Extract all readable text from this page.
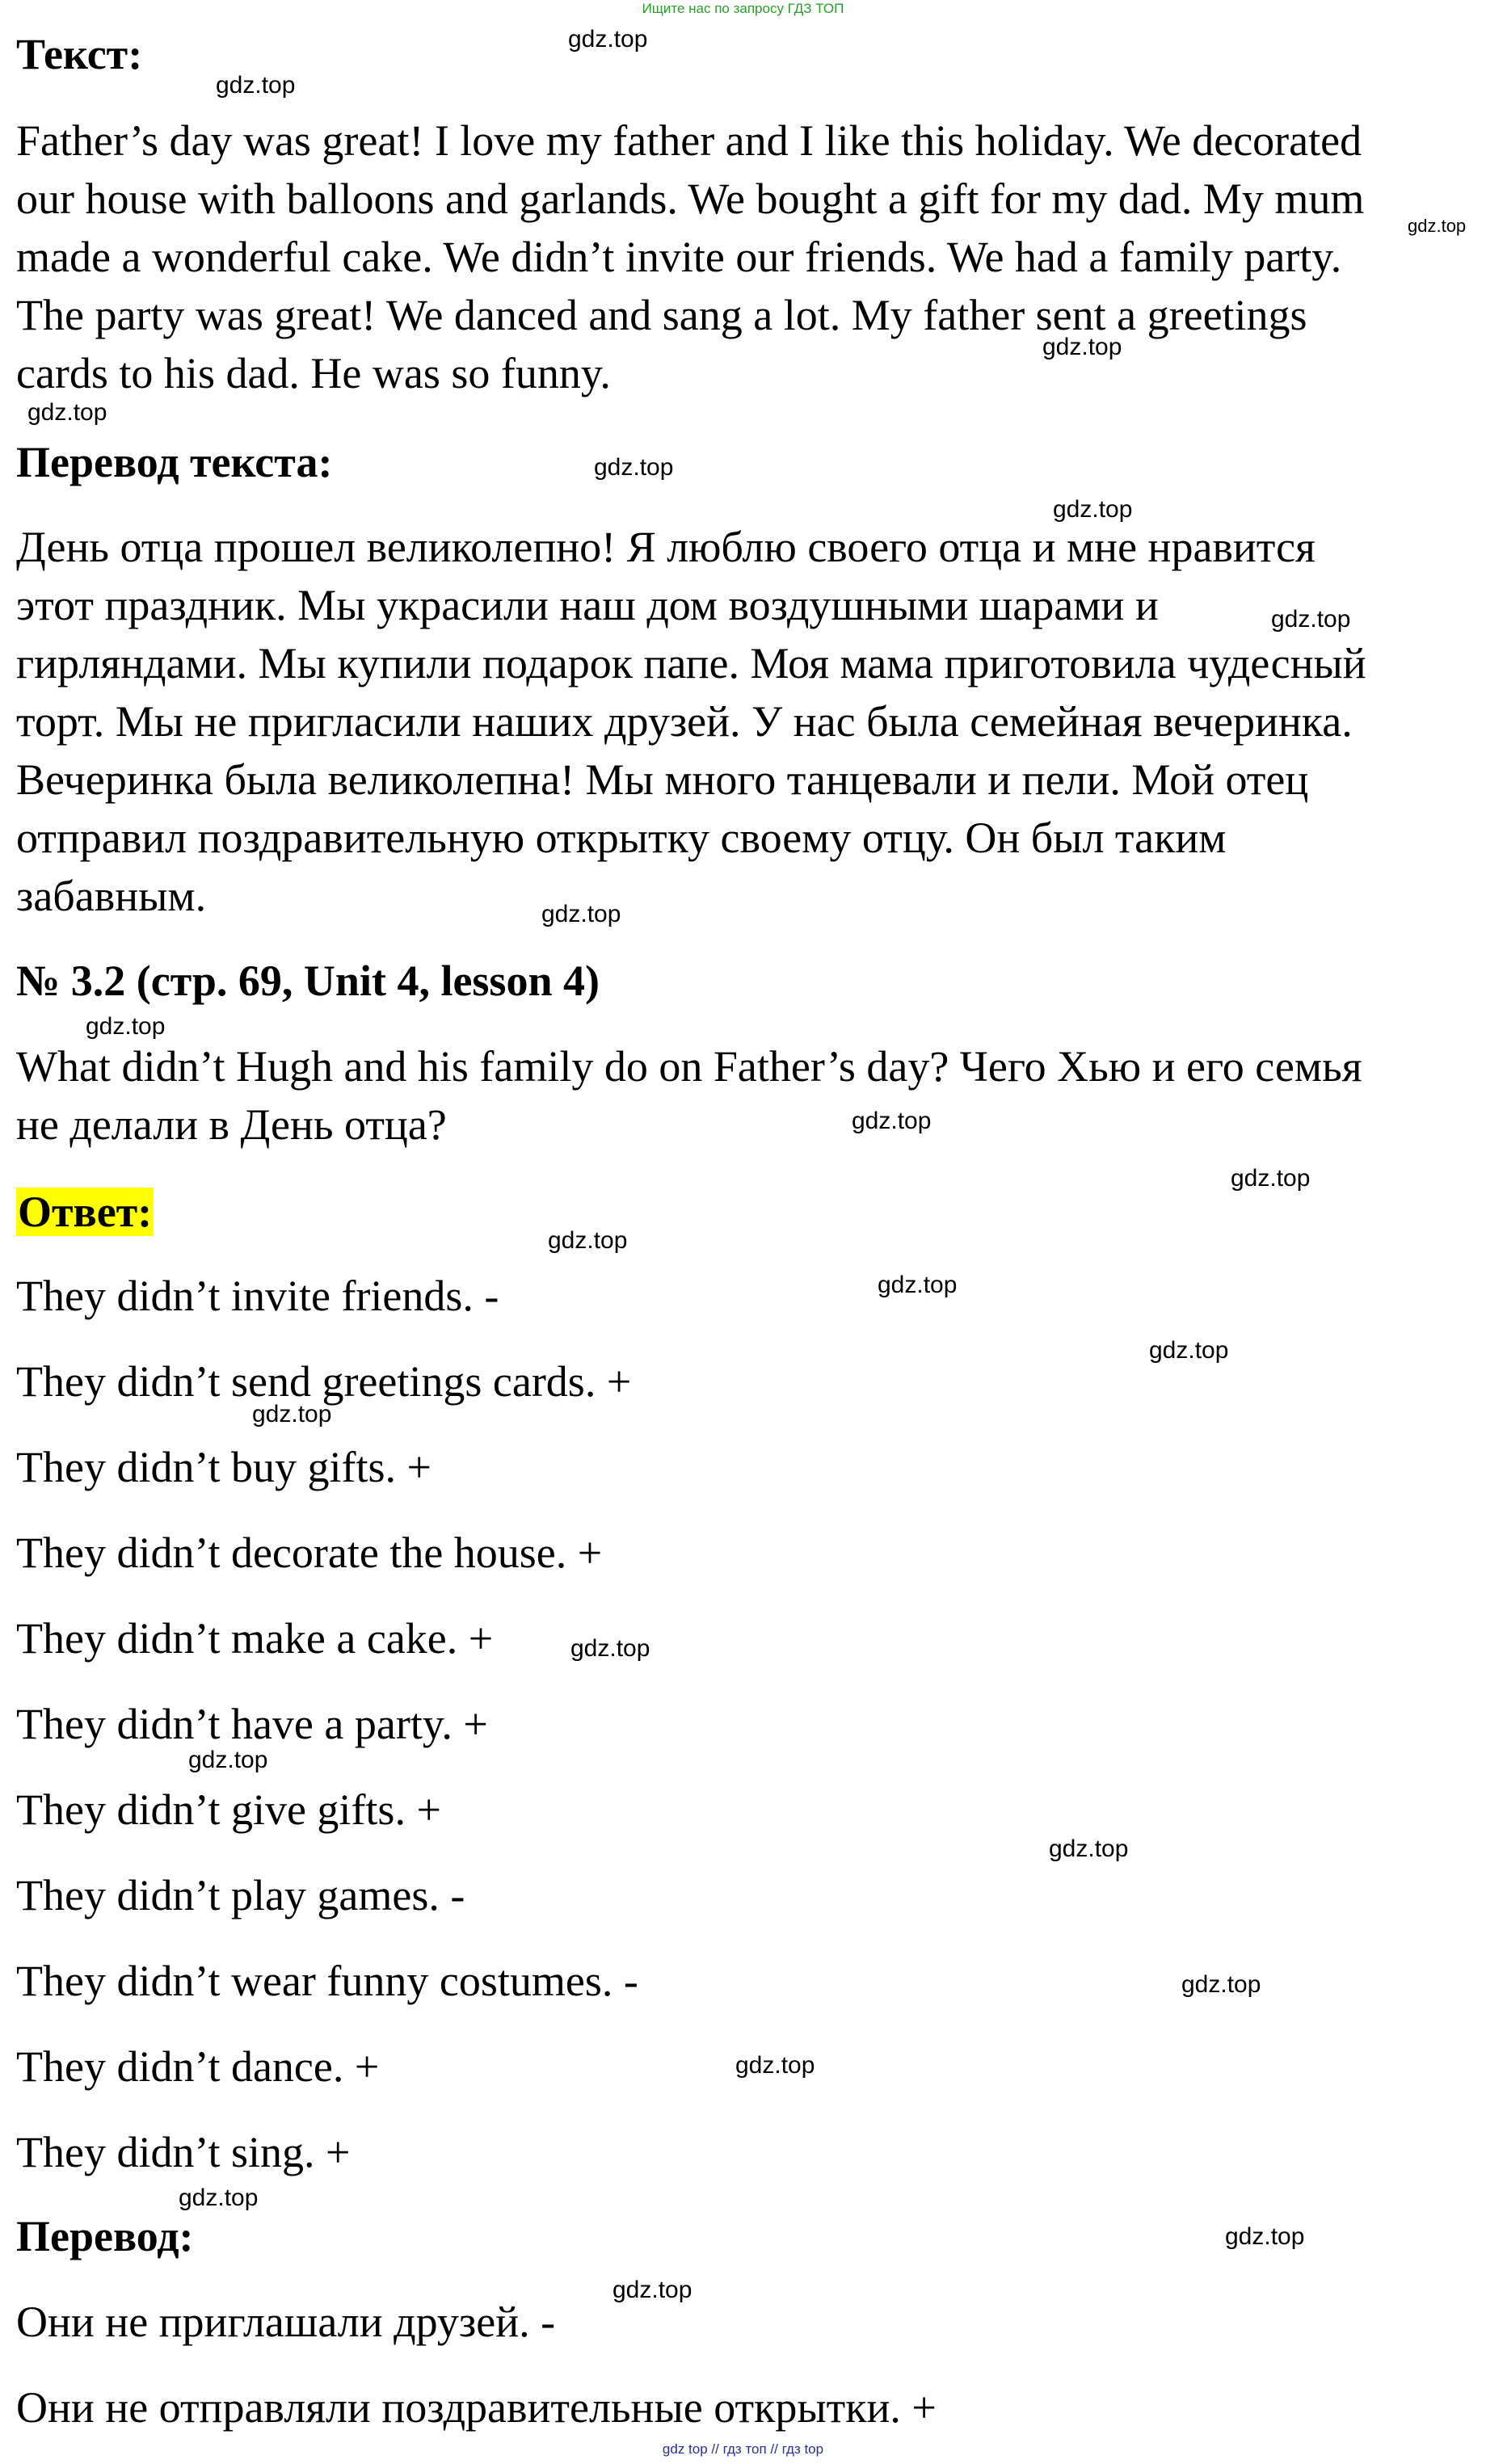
Ищите нас по запросу ГДЗ ТОП
Текст:
Father’s day was great! I love my father and I like this holiday. We decorated
our house with balloons and garlands. We bought a gift for my dad. My mum
made a wonderful cake. We didn’t invite our friends. We had a family party.
The party was great! We danced and sang a lot. My father sent a greetings
cards to his dad. He was so funny.
Перевод текста:
День отца прошел великолепно! Я люблю своего отца и мне нравится
этот праздник. Мы украсили наш дом воздушными шарами и
гирляндами. Мы купили подарок папе. Моя мама приготовила чудесный
торт. Мы не пригласили наших друзей. У нас была семейная вечеринка.
Вечеринка была великолепна! Мы много танцевали и пели. Мой отец
отправил поздравительную открытку своему отцу. Он был таким
забавным.
№ 3.2 (стр. 69, Unit 4, lesson 4)
What didn’t Hugh and his family do on Father’s day? Чего Хью и его семья
не делали в День отца?
Ответ:
They didn’t invite friends. -
They didn’t send greetings cards. +
They didn’t buy gifts. +
They didn’t decorate the house. +
They didn’t make a cake. +
They didn’t have a party. +
They didn’t give gifts. +
They didn’t play games. -
They didn’t wear funny costumes. -
They didn’t dance. +
They didn’t sing. +
Перевод:
Они не приглашали друзей. -
Они не отправляли поздравительные открытки. +
gdz.top
gdz.top
gdz.top
gdz.top
gdz.top
gdz.top
gdz.top
gdz.top
gdz.top
gdz.top
gdz.top
gdz.top
gdz.top
gdz.top
gdz.top
gdz.top
gdz.top
gdz.top
gdz.top
gdz.top
gdz.top
gdz.top
gdz.top
gdz.top
gdz top // гдз топ // гдз top
